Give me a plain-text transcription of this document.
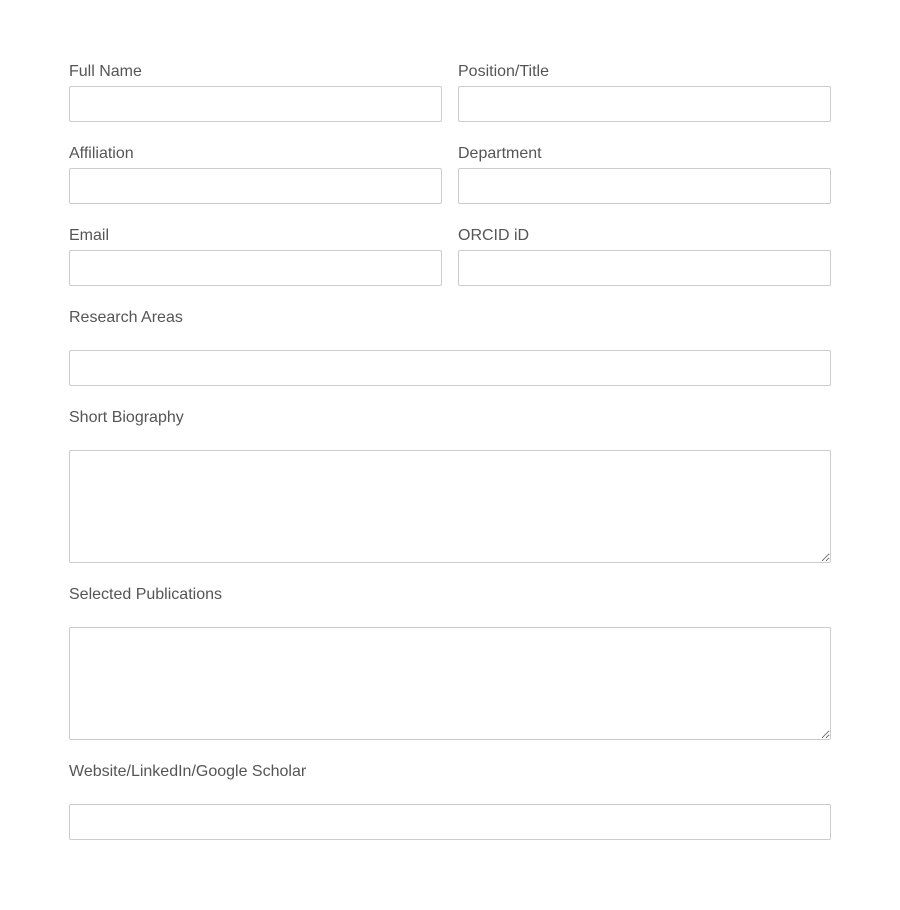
Full Name	Position/Title
Affiliation	Department
Email	ORCID iD
Research Areas
Short Biography
Selected Publications
Website/LinkedIn/Google Scholar
